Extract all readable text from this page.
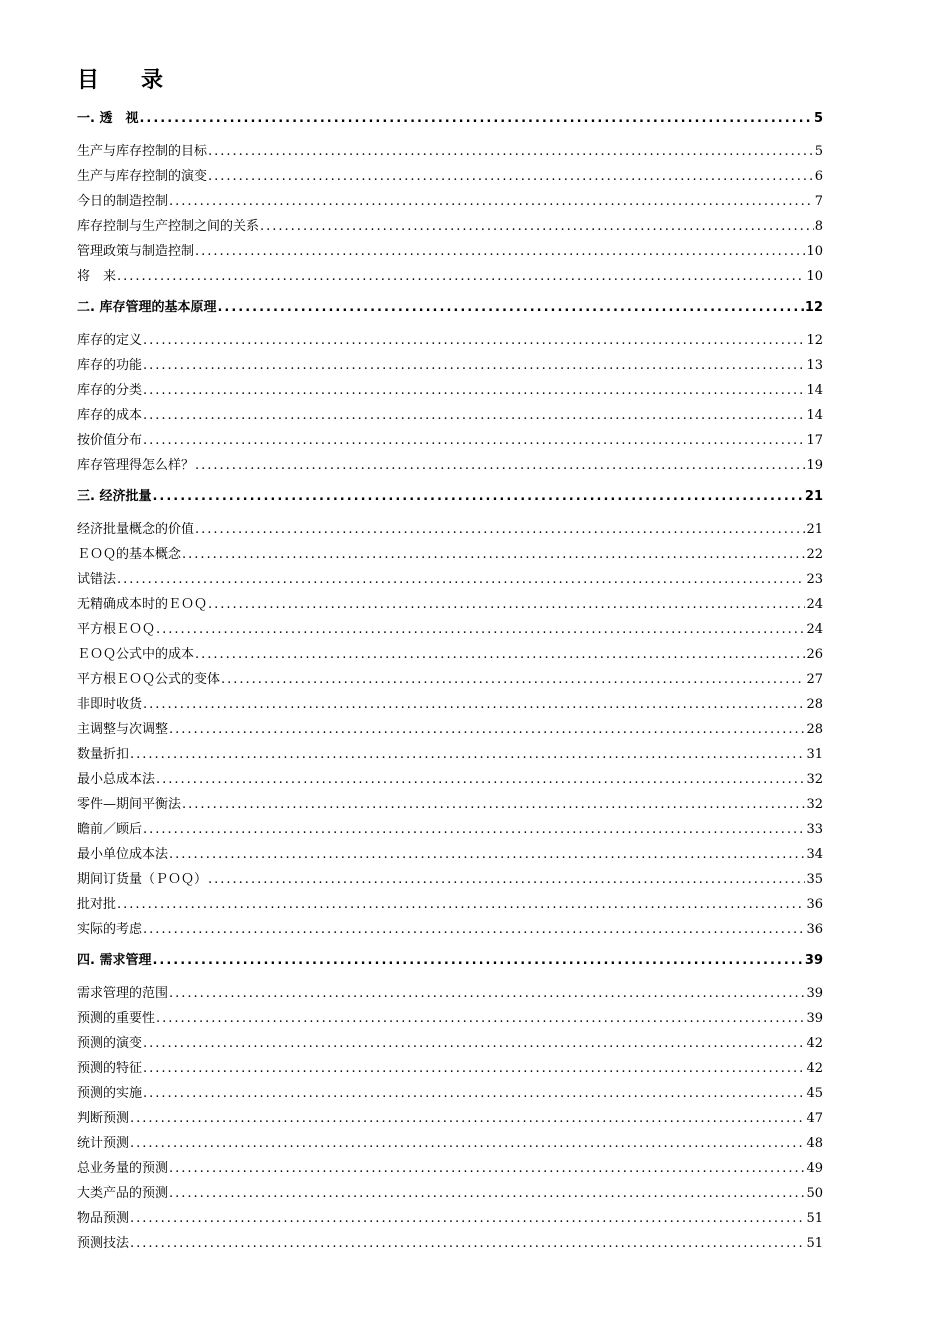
目　录
一. 透　视 .....	5
生产与库存控制的目标 .....	5
生产与库存控制的演变 .....	6
今日的制造控制 .....	7
库存控制与生产控制之间的关系 .....	8
管理政策与制造控制 .....	10
将　来 .....	10
二. 库存管理的基本原理 .....	12
库存的定义 .....	12
库存的功能 .....	13
库存的分类 .....	14
库存的成本 .....	14
按价值分布 .....	17
库存管理得怎么样？ .....	19
三. 经济批量 .....	21
经济批量概念的价值 .....	21
ＥＯＱ的基本概念 .....	22
试错法 .....	23
无精确成本时的ＥＯＱ .....	24
平方根ＥＯＱ .....	24
ＥＯＱ公式中的成本 .....	26
平方根ＥＯＱ公式的变体 .....	27
非即时收货 .....	28
主调整与次调整 .....	28
数量折扣 .....	31
最小总成本法 .....	32
零件—期间平衡法 .....	32
瞻前／顾后 .....	33
最小单位成本法 .....	34
期间订货量（ＰＯＱ） .....	35
批对批 .....	36
实际的考虑 .....	36
四. 需求管理 .....	39
需求管理的范围 .....	39
预测的重要性 .....	39
预测的演变 .....	42
预测的特征 .....	42
预测的实施 .....	45
判断预测 .....	47
统计预测 .....	48
总业务量的预测 .....	49
大类产品的预测 .....	50
物品预测 .....	51
预测技法 .....	51
